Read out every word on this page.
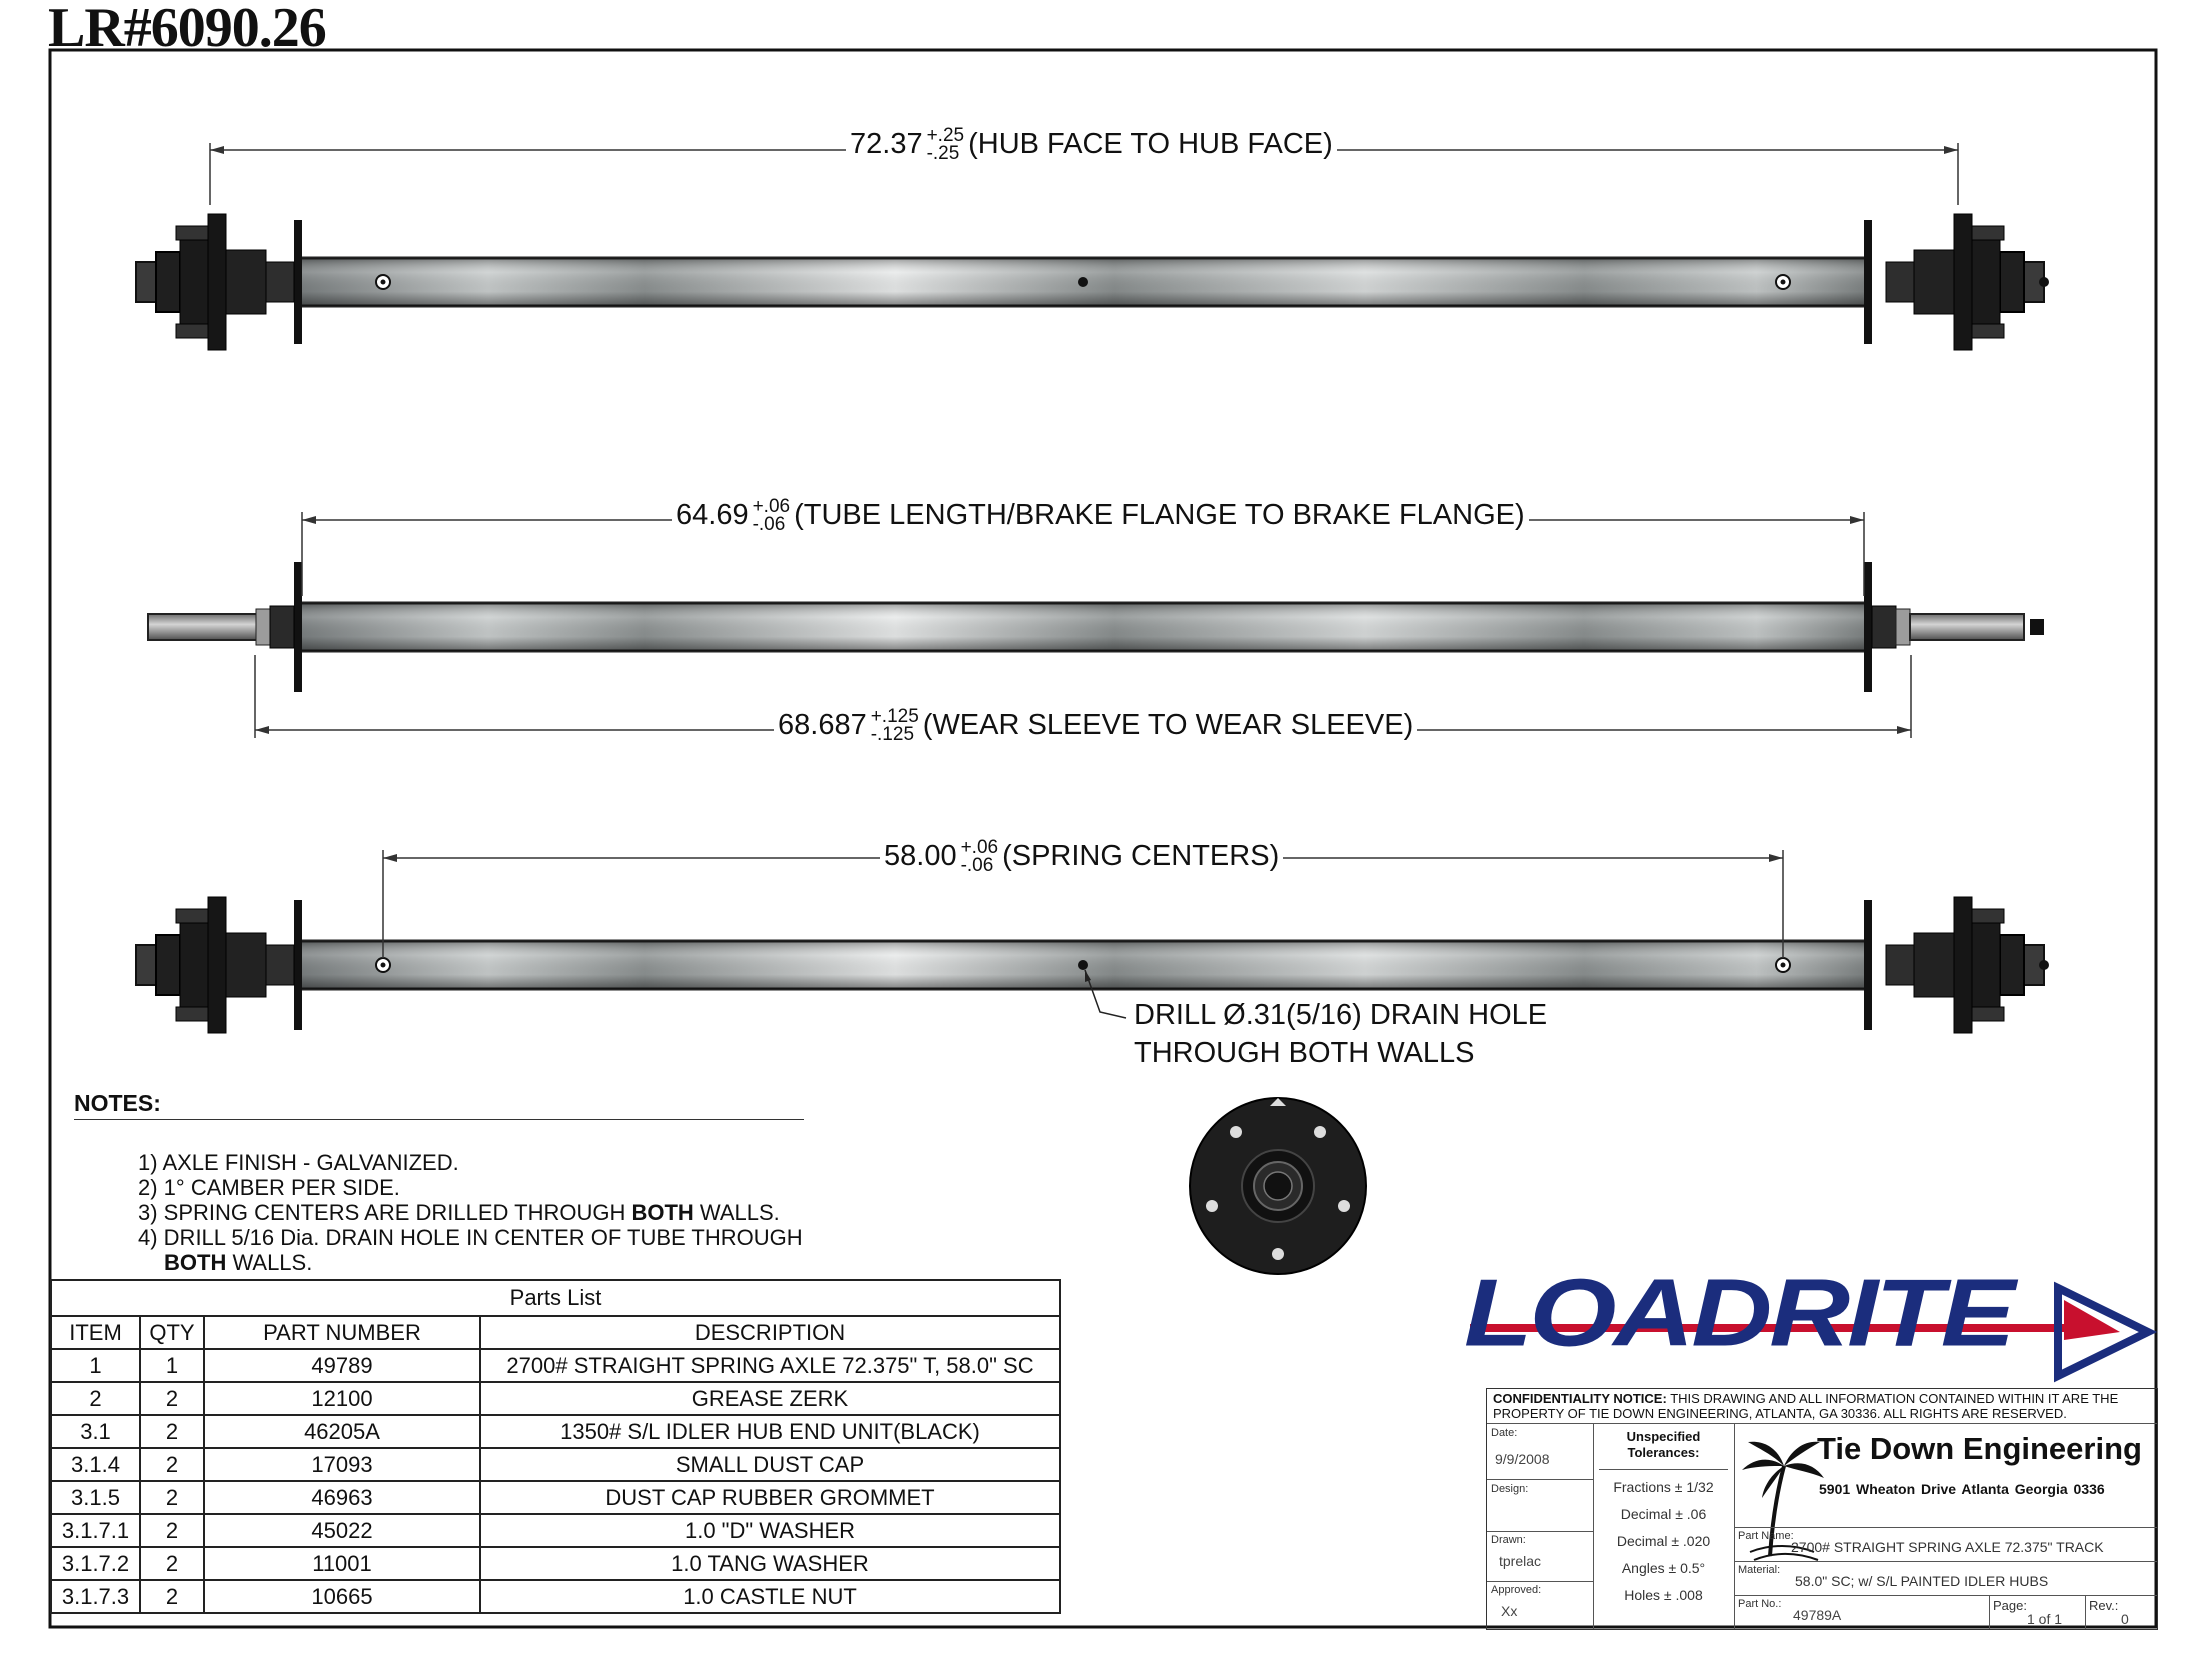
LR#6090.26
72.37 +.25
-.25 (HUB FACE TO HUB FACE)
64.69 +.06
-.06 (TUBE LENGTH/BRAKE FLANGE TO BRAKE FLANGE)
68.687 +.125
-.125 (WEAR SLEEVE TO WEAR SLEEVE)
58.00 +.06
-.06 (SPRING CENTERS)
DRILL Ø.31(5/16) DRAIN HOLE
THROUGH BOTH WALLS
NOTES:
1) AXLE FINISH - GALVANIZED.
2) 1° CAMBER PER SIDE.
3) SPRING CENTERS ARE DRILLED THROUGH BOTH WALLS.
4) DRILL 5/16 Dia. DRAIN HOLE IN CENTER OF TUBE THROUGH
BOTH WALLS.
Parts List
ITEM	QTY	PART NUMBER	DESCRIPTION
1	1	49789	2700# STRAIGHT SPRING AXLE 72.375" T, 58.0" SC
2	2	12100	GREASE ZERK
3.1	2	46205A	1350# S/L IDLER HUB END UNIT(BLACK)
3.1.4	2	17093	SMALL DUST CAP
3.1.5	2	46963	DUST CAP RUBBER GROMMET
3.1.7.1	2	45022	1.0 "D" WASHER
3.1.7.2	2	11001	1.0 TANG WASHER
3.1.7.3	2	10665	1.0 CASTLE NUT
LOADRITE
CONFIDENTIALITY NOTICE: THIS DRAWING AND ALL INFORMATION CONTAINED WITHIN IT ARE THE PROPERTY OF TIE DOWN ENGINEERING, ATLANTA, GA 30336. ALL RIGHTS ARE RESERVED.
Date:
9/9/2008
Design:
Drawn:
tprelac
Approved:
Xx
Unspecified Tolerances:
Fractions ± 1/32
Decimal ± .06
Decimal ± .020
Angles ± 0.5°
Holes ± .008
Tie Down Engineering
5901 Wheaton Drive Atlanta Georgia 0336
Part Name:
2700# STRAIGHT SPRING AXLE 72.375" TRACK
Material:
58.0" SC; w/ S/L PAINTED IDLER HUBS
Part No.:
49789A
Page:
1 of 1
Rev.:
0
